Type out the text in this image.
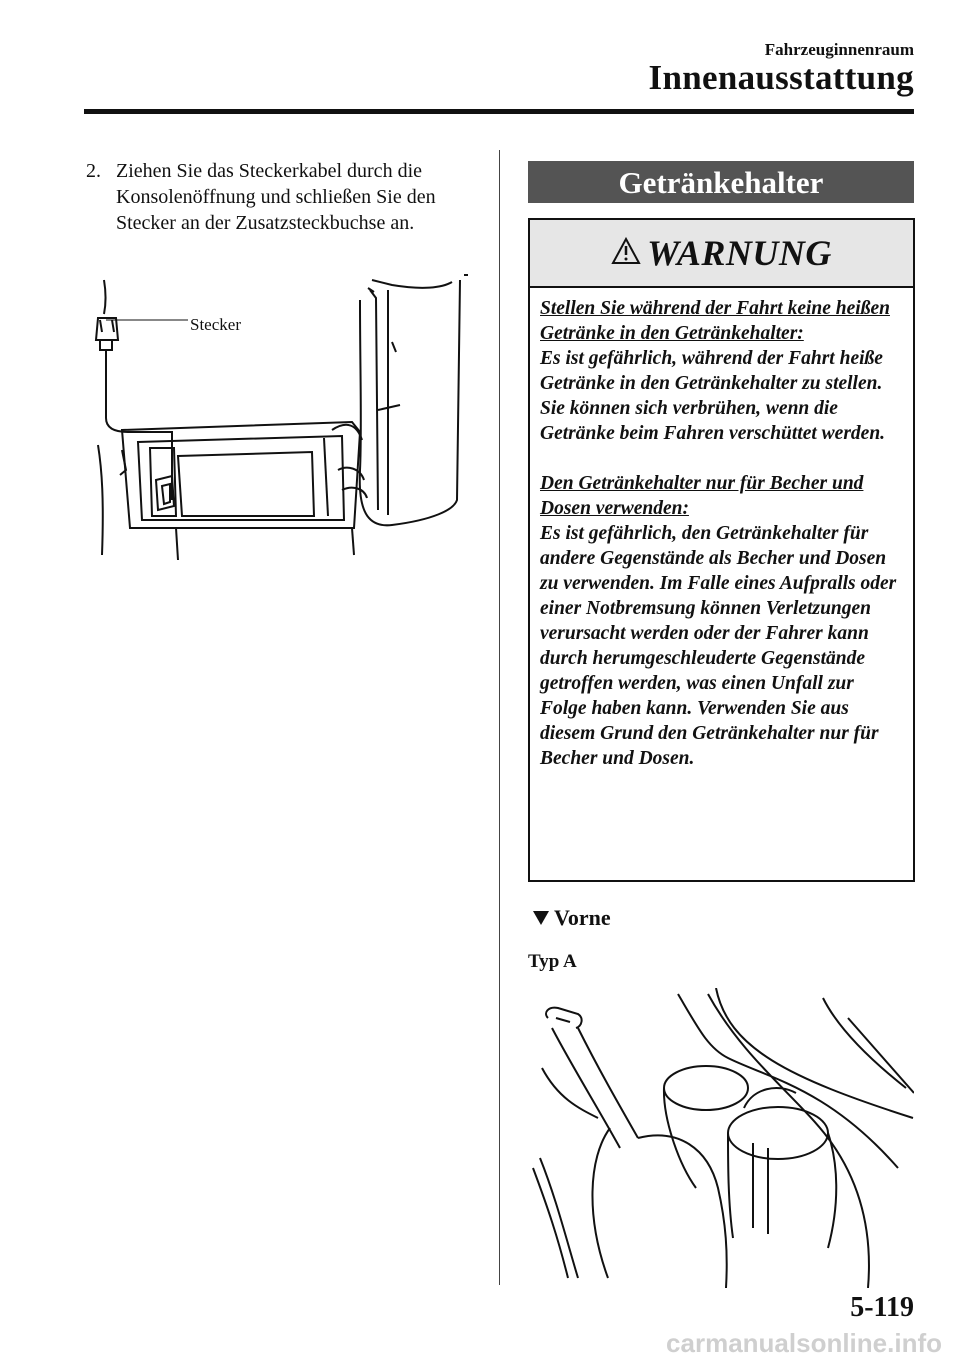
Fahrzeuginnenraum
Innenausstattung
2. Ziehen Sie das Steckerkabel durch die Konsolenöffnung und schließen Sie den Stecker an der Zusatzsteckbuchse an.
Stecker
Getränkehalter
WARNUNG

Stellen Sie während der Fahrt keine heißen Getränke in den Getränkehalter:

Es ist gefährlich, während der Fahrt heiße Getränke in den Getränkehalter zu stellen. Sie können sich verbrühen, wenn die Getränke beim Fahren verschüttet werden.

Den Getränkehalter nur für Becher und Dosen verwenden:

Es ist gefährlich, den Getränkehalter für andere Gegenstände als Becher und Dosen zu verwenden. Im Falle eines Aufpralls oder einer Notbremsung können Verletzungen verursacht werden oder der Fahrer kann durch herumgeschleuderte Gegenstände getroffen werden, was einen Unfall zur Folge haben kann. Verwenden Sie aus diesem Grund den Getränkehalter nur für Becher und Dosen.

Vorne
Typ A
5-119
carmanualsonline.info
